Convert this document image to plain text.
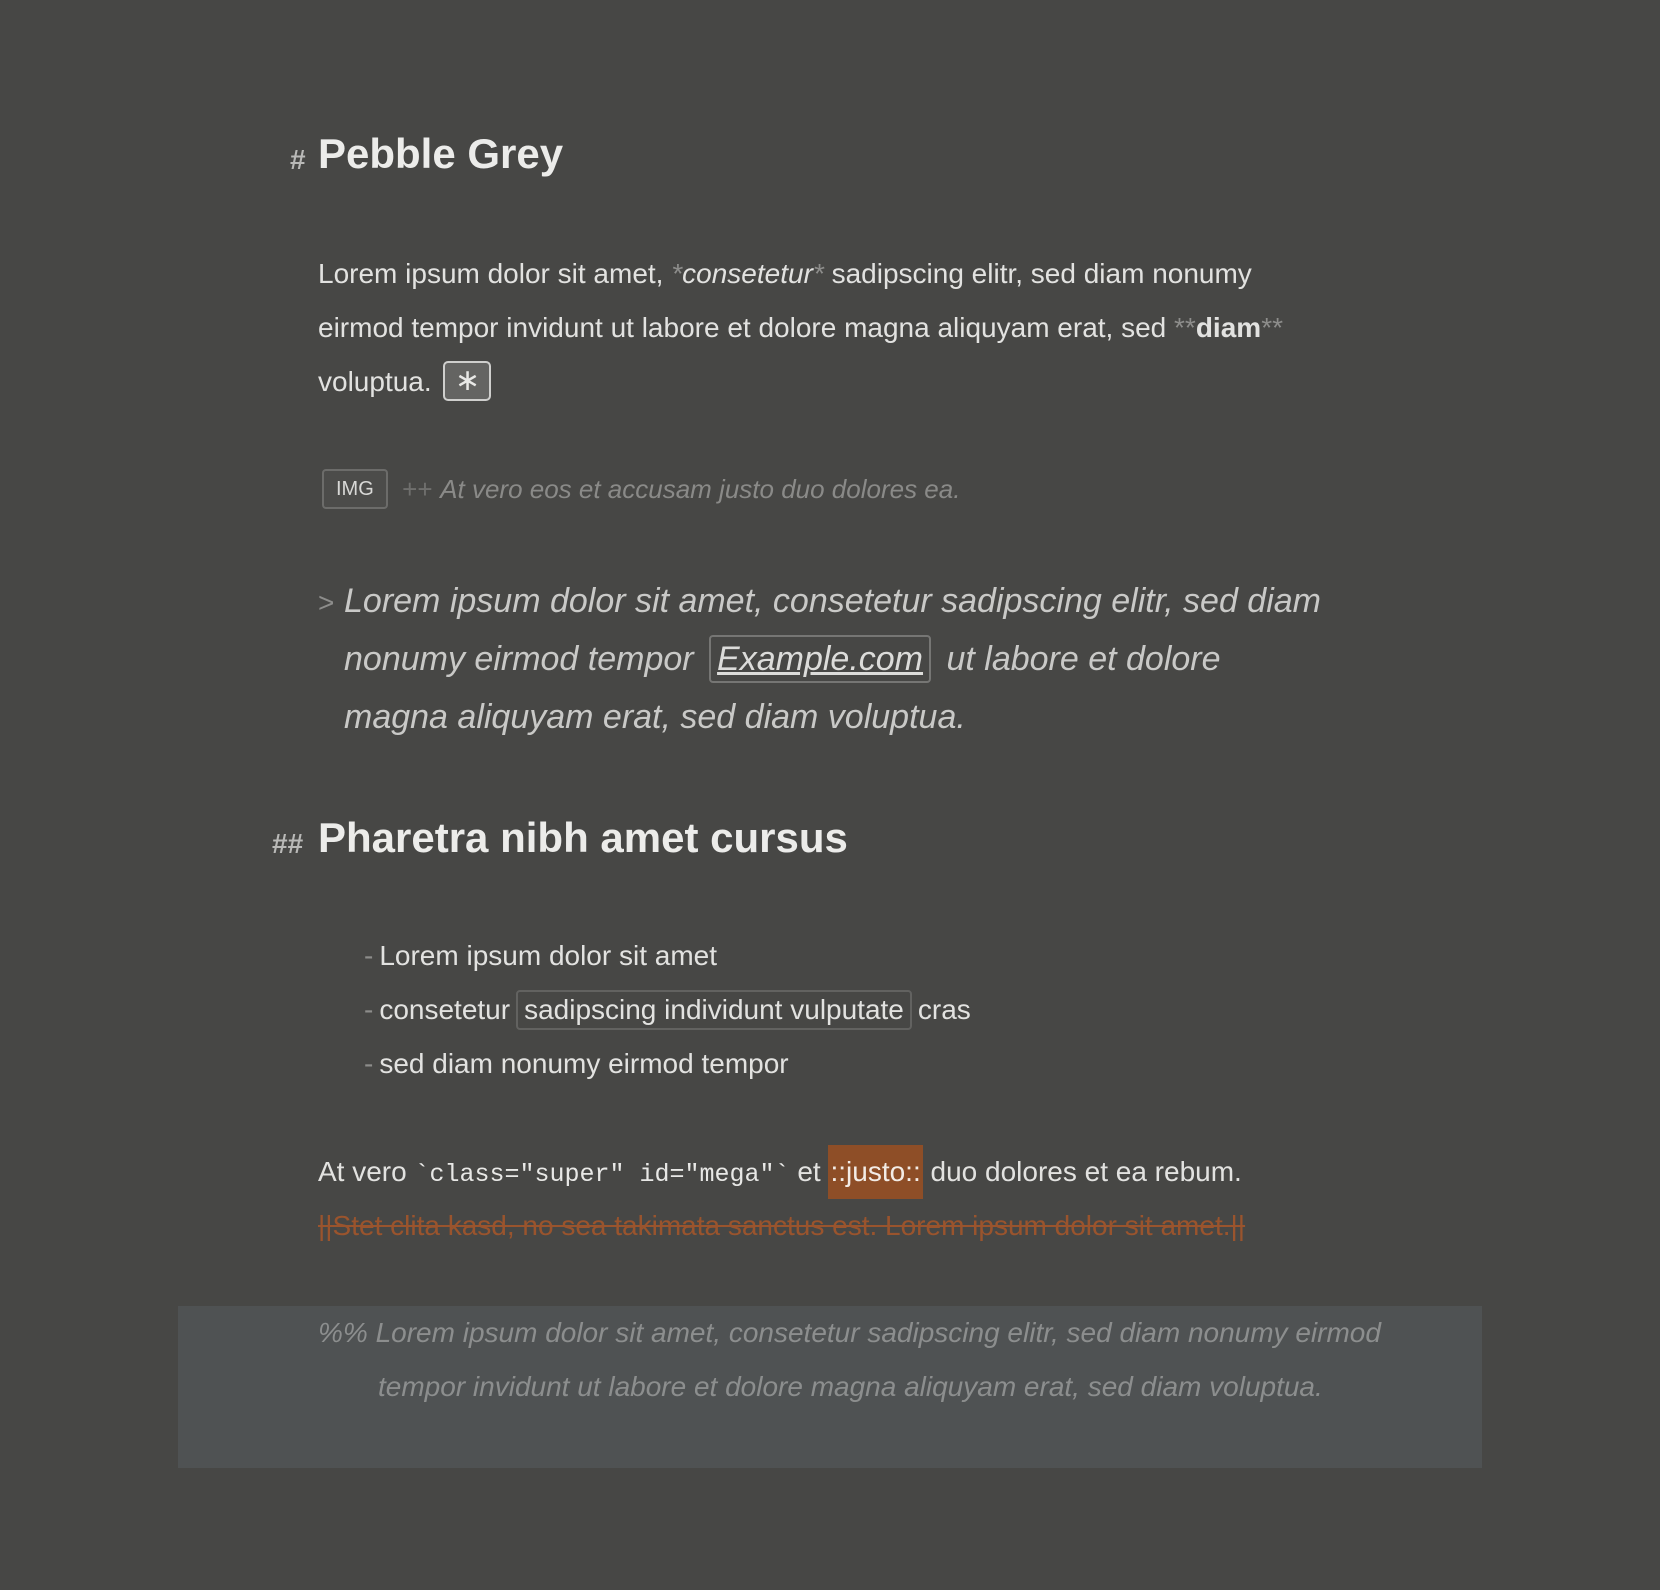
# Pebble Grey
Lorem ipsum dolor sit amet, *consetetur* sadipscing elitr, sed diam nonumy eirmod tempor invidunt ut labore et dolore magna aliquyam erat, sed **diam** voluptua. ∗
IMG	++ At vero eos et accusam justo duo dolores ea.
> Lorem ipsum dolor sit amet, consetetur sadipscing elitr, sed diam nonumy eirmod tempor Example.com ut labore et dolore magna aliquyam erat, sed diam voluptua.
## Pharetra nibh amet cursus
- Lorem ipsum dolor sit amet
- consetetur sadipscing individunt vulputate cras
- sed diam nonumy eirmod tempor
At vero `class="super" id="mega"` et ::justo:: duo dolores et ea rebum.
||Stet clita kasd, no sea takimata sanctus est. Lorem ipsum dolor sit amet.||
%% Lorem ipsum dolor sit amet, consetetur sadipscing elitr, sed diam nonumy eirmod tempor invidunt ut labore et dolore magna aliquyam erat, sed diam voluptua.
